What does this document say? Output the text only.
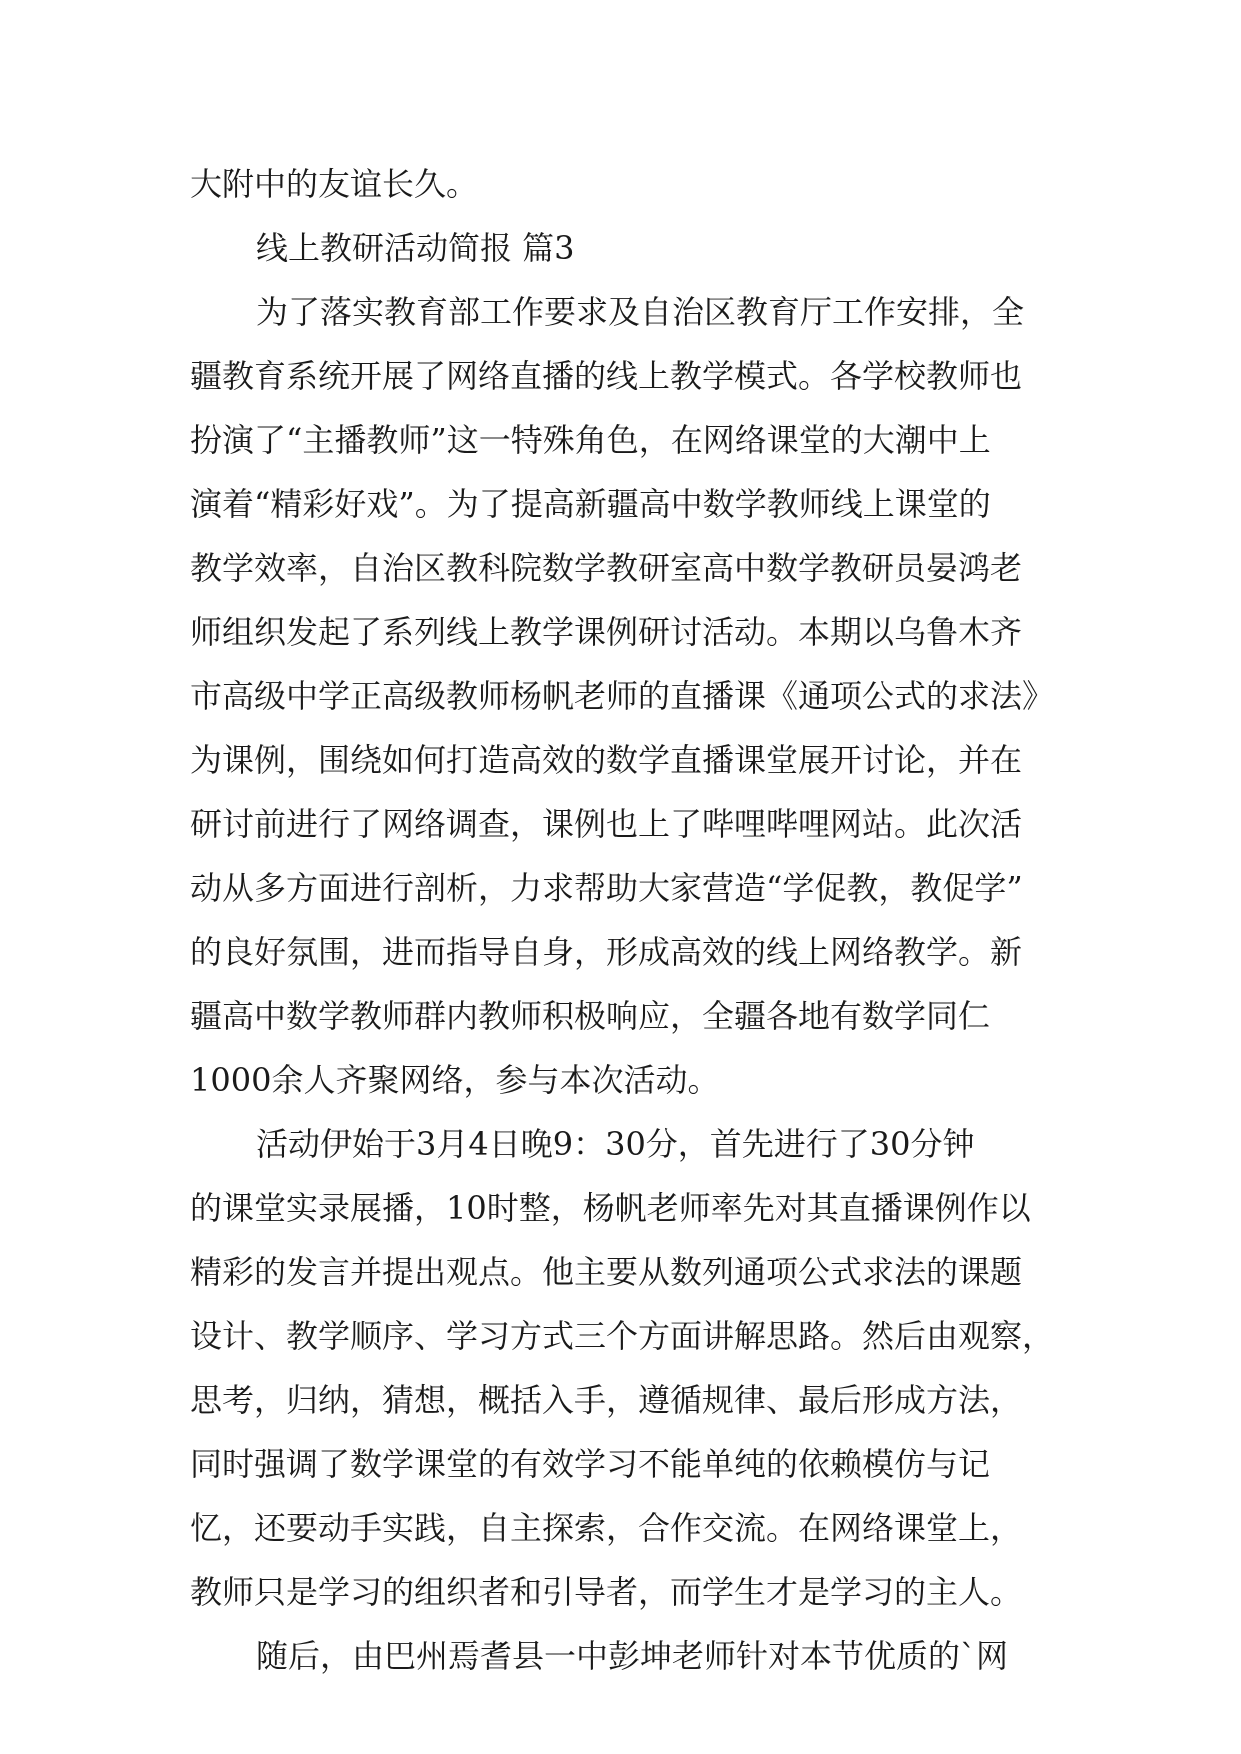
大附中的友谊长久。

线上教研活动简报 篇3

为了落实教育部工作要求及自治区教育厅工作安排，全

疆教育系统开展了网络直播的线上教学模式。各学校教师也

扮演了“主播教师”这一特殊角色，在网络课堂的大潮中上

演着“精彩好戏”。为了提高新疆高中数学教师线上课堂的

教学效率，自治区教科院数学教研室高中数学教研员晏鸿老

师组织发起了系列线上教学课例研讨活动。本期以乌鲁木齐

市高级中学正高级教师杨帆老师的直播课《通项公式的求法》

为课例，围绕如何打造高效的数学直播课堂展开讨论，并在

研讨前进行了网络调查，课例也上了哔哩哔哩网站。此次活

动从多方面进行剖析，力求帮助大家营造“学促教，教促学”

的良好氛围，进而指导自身，形成高效的线上网络教学。新

疆高中数学教师群内教师积极响应，全疆各地有数学同仁

1000余人齐聚网络，参与本次活动。

活动伊始于3月4日晚9：30分，首先进行了30分钟

的课堂实录展播，10时整，杨帆老师率先对其直播课例作以

精彩的发言并提出观点。他主要从数列通项公式求法的课题

设计、教学顺序、学习方式三个方面讲解思路。然后由观察，

思考，归纳，猜想，概括入手，遵循规律、最后形成方法，

同时强调了数学课堂的有效学习不能单纯的依赖模仿与记

忆，还要动手实践，自主探索，合作交流。在网络课堂上，

教师只是学习的组织者和引导者，而学生才是学习的主人。

随后，由巴州焉耆县一中彭坤老师针对本节优质的`网
